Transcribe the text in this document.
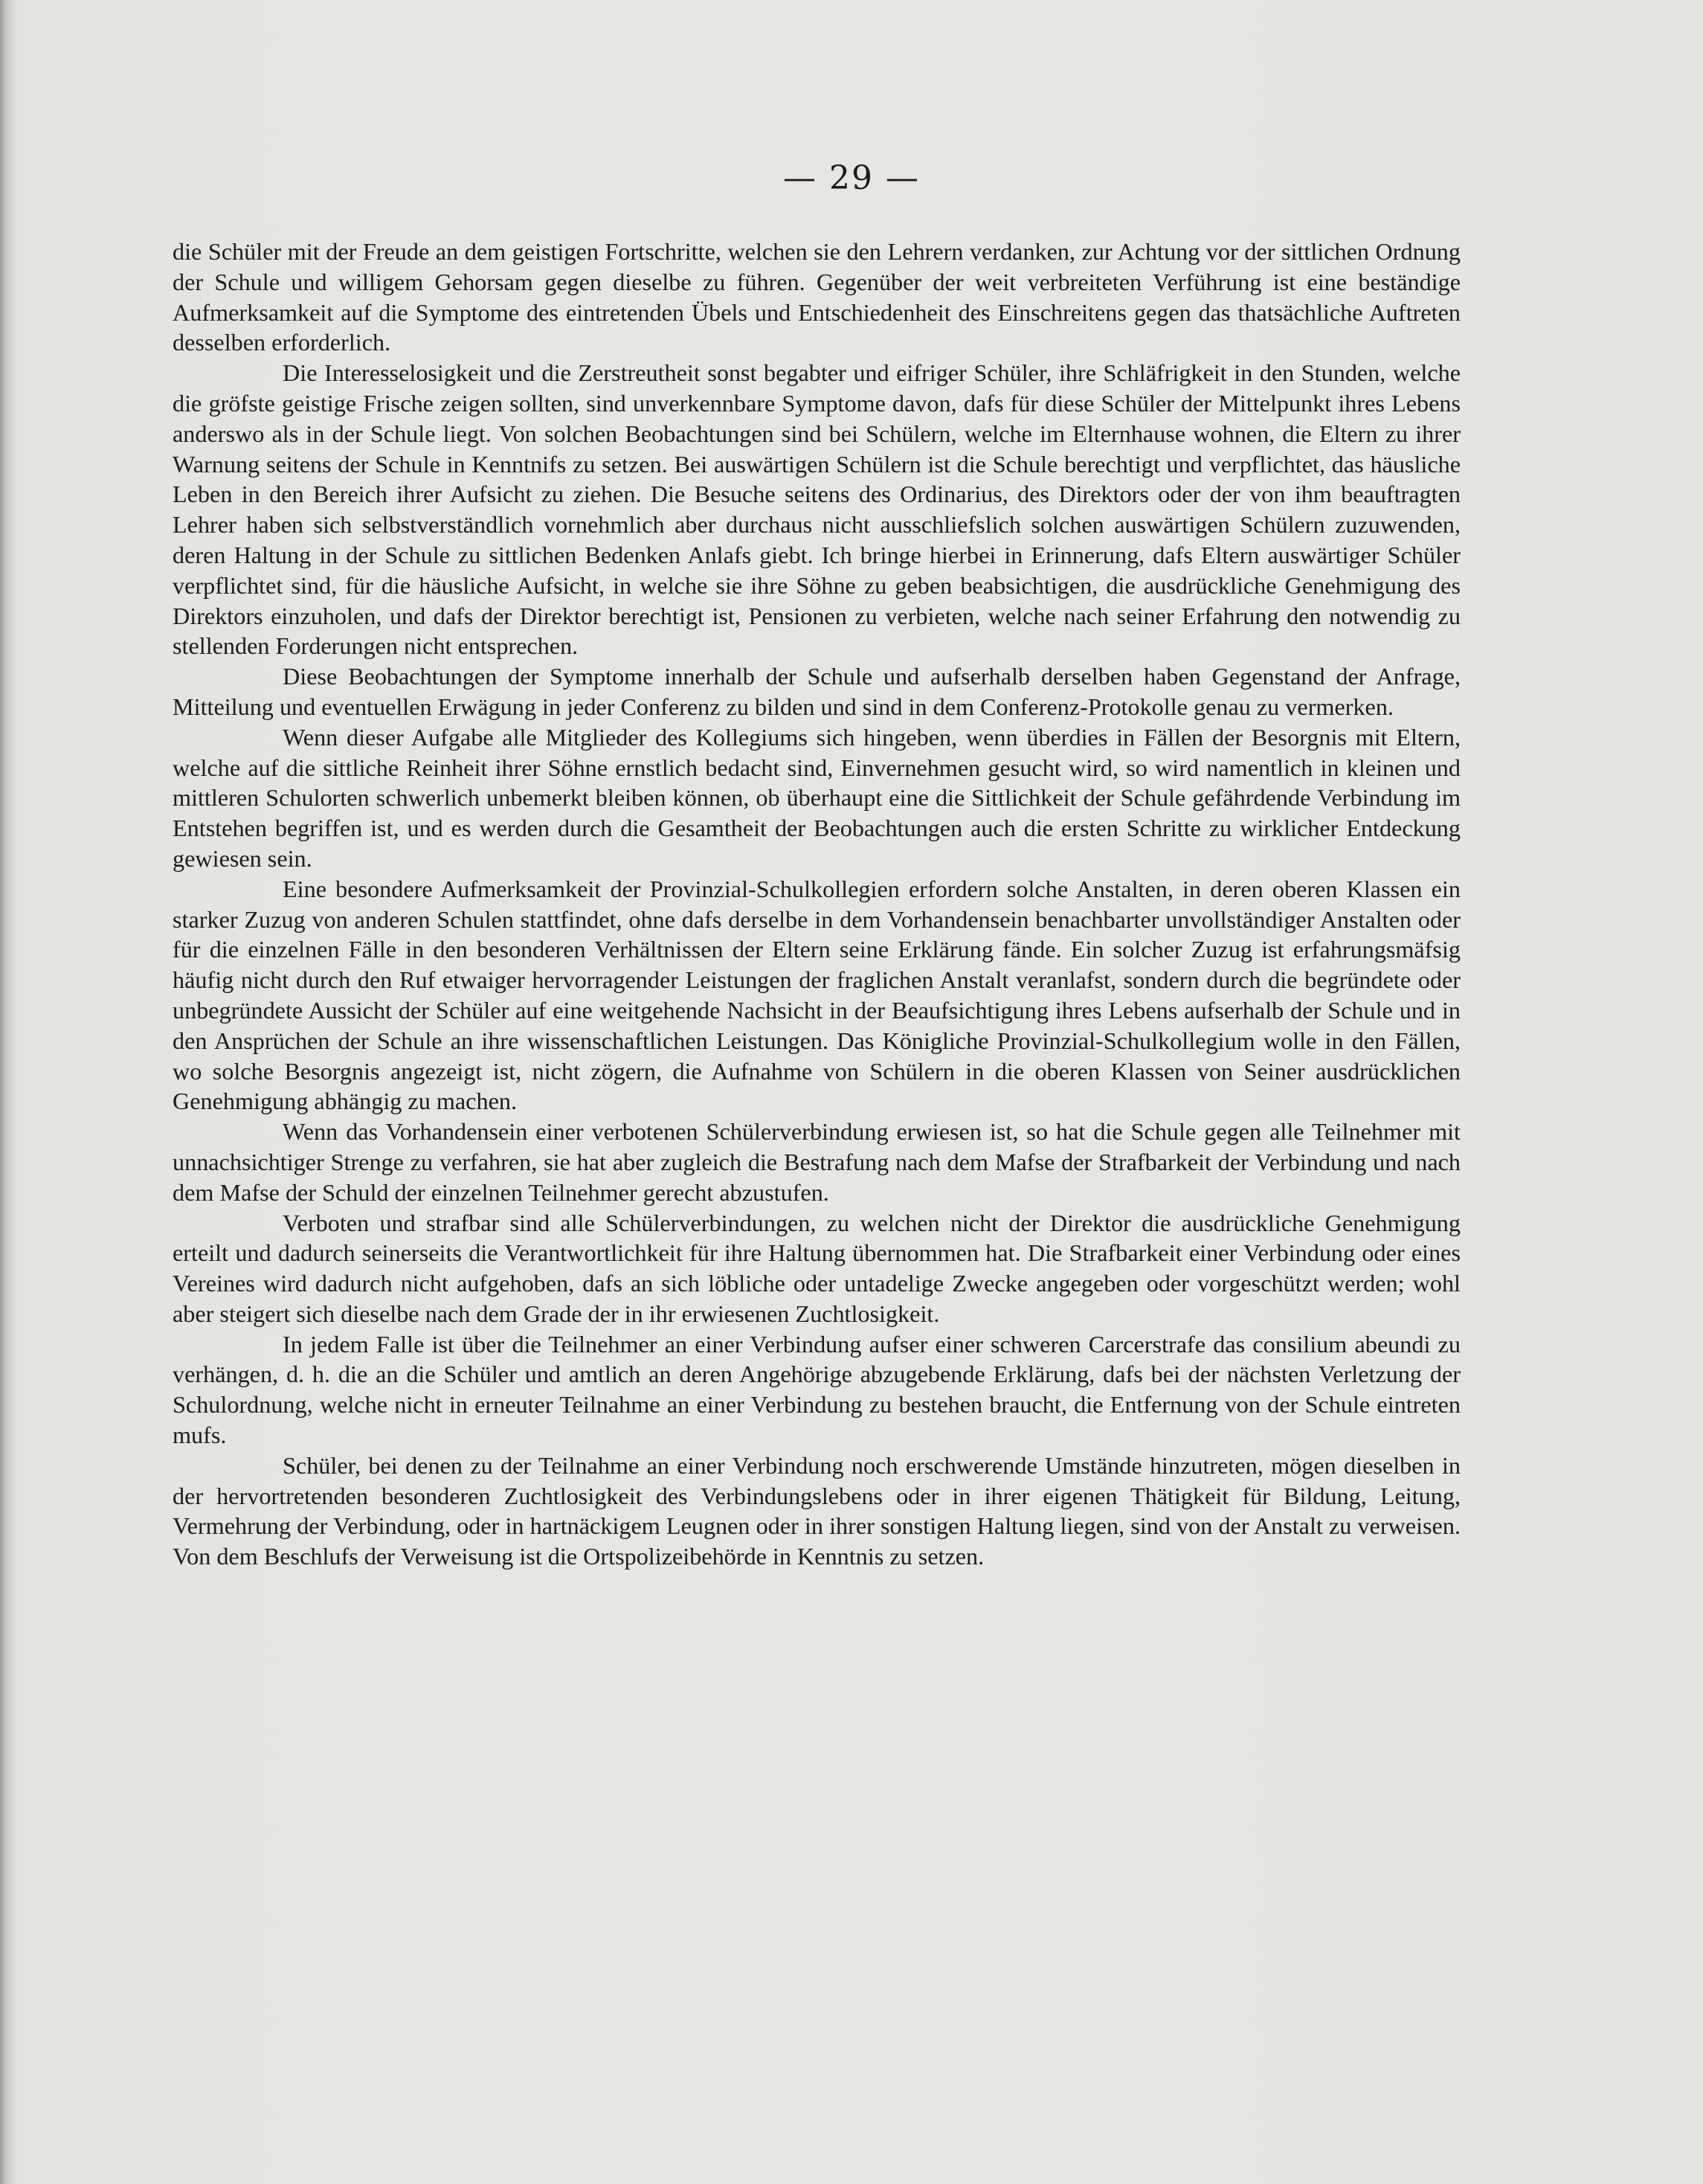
— 29 —

die Schüler mit der Freude an dem geistigen Fortschritte, welchen sie den Lehrern verdanken, zur Achtung vor der sittlichen Ordnung der Schule und willigem Gehorsam gegen dieselbe zu führen. Gegenüber der weit verbreiteten Verführung ist eine beständige Aufmerksamkeit auf die Symptome des eintretenden Übels und Entschiedenheit des Einschreitens gegen das thatsächliche Auftreten desselben erforderlich.

Die Interesselosigkeit und die Zerstreutheit sonst begabter und eifriger Schüler, ihre Schläfrigkeit in den Stunden, welche die gröfste geistige Frische zeigen sollten, sind unverkennbare Symptome davon, dafs für diese Schüler der Mittelpunkt ihres Lebens anderswo als in der Schule liegt. Von solchen Beobachtungen sind bei Schülern, welche im Elternhause wohnen, die Eltern zu ihrer Warnung seitens der Schule in Kenntnifs zu setzen. Bei auswärtigen Schülern ist die Schule berechtigt und verpflichtet, das häusliche Leben in den Bereich ihrer Aufsicht zu ziehen. Die Besuche seitens des Ordinarius, des Direktors oder der von ihm beauftragten Lehrer haben sich selbstverständlich vornehmlich aber durchaus nicht ausschliefslich solchen auswärtigen Schülern zuzuwenden, deren Haltung in der Schule zu sittlichen Bedenken Anlafs giebt. Ich bringe hierbei in Erinnerung, dafs Eltern auswärtiger Schüler verpflichtet sind, für die häusliche Aufsicht, in welche sie ihre Söhne zu geben beabsichtigen, die ausdrückliche Genehmigung des Direktors einzuholen, und dafs der Direktor berechtigt ist, Pensionen zu verbieten, welche nach seiner Erfahrung den notwendig zu stellenden Forderungen nicht entsprechen.

Diese Beobachtungen der Symptome innerhalb der Schule und aufserhalb derselben haben Gegenstand der Anfrage, Mitteilung und eventuellen Erwägung in jeder Conferenz zu bilden und sind in dem Conferenz-Protokolle genau zu vermerken.

Wenn dieser Aufgabe alle Mitglieder des Kollegiums sich hingeben, wenn überdies in Fällen der Besorgnis mit Eltern, welche auf die sittliche Reinheit ihrer Söhne ernstlich bedacht sind, Einvernehmen gesucht wird, so wird namentlich in kleinen und mittleren Schulorten schwerlich unbemerkt bleiben können, ob überhaupt eine die Sittlichkeit der Schule gefährdende Verbindung im Entstehen begriffen ist, und es werden durch die Gesamtheit der Beobachtungen auch die ersten Schritte zu wirklicher Entdeckung gewiesen sein.

Eine besondere Aufmerksamkeit der Provinzial-Schulkollegien erfordern solche Anstalten, in deren oberen Klassen ein starker Zuzug von anderen Schulen stattfindet, ohne dafs derselbe in dem Vorhandensein benachbarter unvollständiger Anstalten oder für die einzelnen Fälle in den besonderen Verhältnissen der Eltern seine Erklärung fände. Ein solcher Zuzug ist erfahrungsmäfsig häufig nicht durch den Ruf etwaiger hervorragender Leistungen der fraglichen Anstalt veranlafst, sondern durch die begründete oder unbegründete Aussicht der Schüler auf eine weitgehende Nachsicht in der Beaufsichtigung ihres Lebens aufserhalb der Schule und in den Ansprüchen der Schule an ihre wissenschaftlichen Leistungen. Das Königliche Provinzial-Schulkollegium wolle in den Fällen, wo solche Besorgnis angezeigt ist, nicht zögern, die Aufnahme von Schülern in die oberen Klassen von Seiner ausdrücklichen Genehmigung abhängig zu machen.

Wenn das Vorhandensein einer verbotenen Schülerverbindung erwiesen ist, so hat die Schule gegen alle Teilnehmer mit unnachsichtiger Strenge zu verfahren, sie hat aber zugleich die Bestrafung nach dem Mafse der Strafbarkeit der Verbindung und nach dem Mafse der Schuld der einzelnen Teilnehmer gerecht abzustufen.

Verboten und strafbar sind alle Schülerverbindungen, zu welchen nicht der Direktor die ausdrückliche Genehmigung erteilt und dadurch seinerseits die Verantwortlichkeit für ihre Haltung übernommen hat. Die Strafbarkeit einer Verbindung oder eines Vereines wird dadurch nicht aufgehoben, dafs an sich löbliche oder untadelige Zwecke angegeben oder vorgeschützt werden; wohl aber steigert sich dieselbe nach dem Grade der in ihr erwiesenen Zuchtlosigkeit.

In jedem Falle ist über die Teilnehmer an einer Verbindung aufser einer schweren Carcerstrafe das consilium abeundi zu verhängen, d. h. die an die Schüler und amtlich an deren Angehörige abzugebende Erklärung, dafs bei der nächsten Verletzung der Schulordnung, welche nicht in erneuter Teilnahme an einer Verbindung zu bestehen braucht, die Entfernung von der Schule eintreten mufs.

Schüler, bei denen zu der Teilnahme an einer Verbindung noch erschwerende Umstände hinzutreten, mögen dieselben in der hervortretenden besonderen Zuchtlosigkeit des Verbindungslebens oder in ihrer eigenen Thätigkeit für Bildung, Leitung, Vermehrung der Verbindung, oder in hartnäckigem Leugnen oder in ihrer sonstigen Haltung liegen, sind von der Anstalt zu verweisen. Von dem Beschlufs der Verweisung ist die Ortspolizeibehörde in Kenntnis zu setzen.
